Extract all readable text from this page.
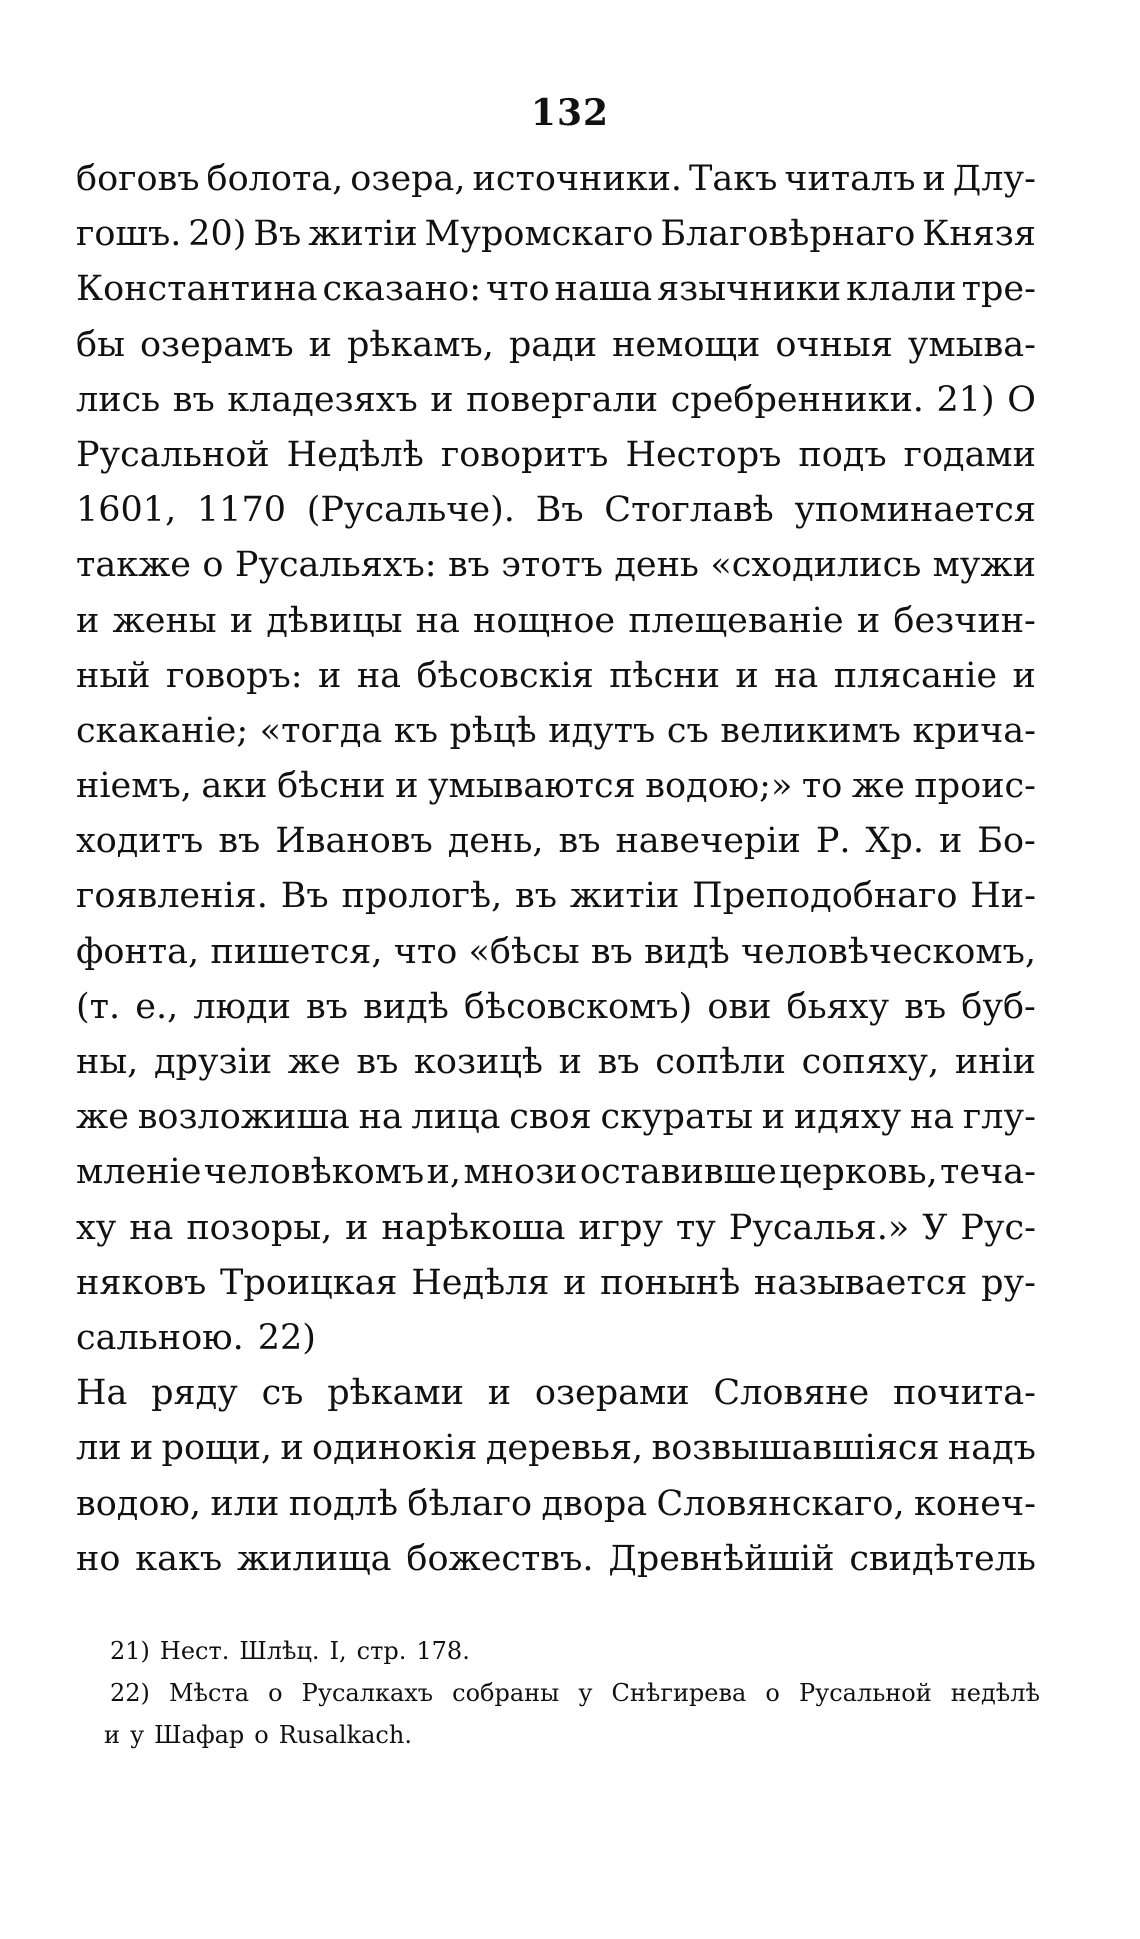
132
боговъ болота, озера, источники. Такъ читалъ и Длу-
гошъ. 20) Въ житіи Муромскаго Благовѣрнаго Князя
Константина сказано: что наша язычники клали тре-
бы озерамъ и рѣкамъ, ради немощи очныя умыва-
лись въ кладезяхъ и повергали сребренники. 21) О
Русальной Недѣлѣ говоритъ Несторъ подъ годами
1601, 1170 (Русальче). Въ Стоглавѣ упоминается
также о Русальяхъ: въ этотъ день «сходились мужи
и жены и дѣвицы на нощное плещеваніе и безчин-
ный говоръ: и на бѣсовскія пѣсни и на плясаніе и
скаканіе; «тогда къ рѣцѣ идутъ съ великимъ крича-
ніемъ, аки бѣсни и умываются водою;» то же проис-
ходитъ въ Ивановъ день, въ навечеріи Р. Хр. и Бо-
гоявленія. Въ прологѣ, въ житіи Преподобнаго Ни-
фонта, пишется, что «бѣсы въ видѣ человѣческомъ,
(т. е., люди въ видѣ бѣсовскомъ) ови бьяху въ буб-
ны, друзіи же въ козицѣ и въ сопѣли сопяху, иніи
же возложиша на лица своя скураты и идяху на глу-
мленіе человѣкомъ и, мнози оставивше церковь, тeча-
ху на позоры, и нарѣкоша игру ту Русалья.» У Рус-
няковъ Троицкая Недѣля и понынѣ называется ру-
сальною. 22)
На ряду съ рѣками и озерами Словяне почита-
ли и рощи, и одинокія деревья, возвышавшіяся надъ
водою, или подлѣ бѣлаго двора Словянскаго, конеч-
но какъ жилища божествъ. Древнѣйшій свидѣтель
21) Нест. Шлѣц. I, стр. 178.
22) Мѣста о Русалкахъ собраны у Снѣгирева о Русальной недѣлѣ
и у Шафар о Rusalkach.
